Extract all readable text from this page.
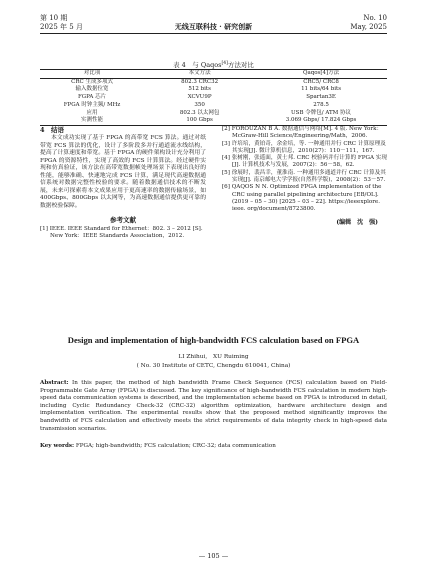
第 10 期
2025 年 5 月	无线互联科技 · 研究创新
No. 10
May, 2025
表 4　与 Qaqos[4]方法对比
对比项	本文方法	Qaqos[4]方法
CRC 生成多项式	802.3 CRC32	CRC5/ CRC8
输入数据位宽	512 bits	11 bits/64 bits
FGPA 芯片	XCVU9P	Spartan3E
FPGA 时钟主频/ MHz	350	278.5
应用	802.3 以太网包	USB 令牌包/ ATM 协议
实测性能	100 Gbps	3.069 Gbps/ 17.824 Gbps
4　结语
本文成功实现了基于 FPGA 的高带宽 FCS 算法。通过对纸带宽 FCS 算法的优化，设计了多阶段多并行通道流水线结构，提高了计算速度和带宽。基于 FPGA 的硬件架构设计充分利用了 FPGA 的资源特性，实现了高效的 FCS 计算算法。经过硬件实现和仿真验证，该方法在高带宽数据帧处理场景下表现出良好的性能，能够准确、快速地完成 FCS 计算，满足现代高速数据通信系统对数据完整性校验的要求。随着数据通信技术的不断发展，未来可探索将本文成果应用于更高速率的数据传输场景，如 400Gbps、800Gbps 以太网等，为高速数据通信提供更可靠的数据校验保障。
参考文献

[1] IEEE. IEEE Standard for Ethernet：802. 3 – 2012 [S]. New York：IEEE Standards Association，2012.

[2] FOROUZAN B A. 数据通信与网络[M]. 4 版. New York：McGraw-Hill Science/Engineering/Math，2006.

[3] 许培培，黄铂奇，余金培，等. 一种通用并行 CRC 计算原理及其实现[J]. 微计算机信息，2010(27)：110－111，167.

[4] 张树刚，张遥面，黄士邦. CRC 校验码并行计算的 FPGA 实现[J]. 计算机技术与发展，2007(2)：56－58，62.

[5] 徐展时，裴昌幸，董淮南. 一种通用多通道并行 CRC 计算及其实现[J]. 南京邮电大学学报(自然科学版)，2008(2)：53－57.

[6] QAQOS N N. Optimized FPGA implementation of the CRC using parallel pipelining architecture [EB/OL]. (2019 – 05 – 30) [2025 – 03 – 22]. https://ieeexplore. ieee. org/document/8723800.

(编辑　沈　强)
Design and implementation of high-bandwidth FCS calculation based on FPGA
LI Zhihui,　XU Ruiming
( No. 30 Institute of CETC, Chengdu 610041, China)
Abstract: In this paper, the method of high bandwidth Frame Check Sequence (FCS) calculation based on Field-Programmable Gate Array (FPGA) is discussed. The key significance of high-bandwidth FCS calculation in modern high-speed data communication systems is described, and the implementation scheme based on FPGA is introduced in detail, including Cyclic Redundancy Check-32 (CRC-32) algorithm optimization, hardware architecture design and implementation verification. The experimental results show that the proposed method significantly improves the bandwidth of FCS calculation and effectively meets the strict requirements of data integrity check in high-speed data transmission scenarios.
Key words: FPGA; high-bandwidth; FCS calculation; CRC-32; data communication
— 105 —
